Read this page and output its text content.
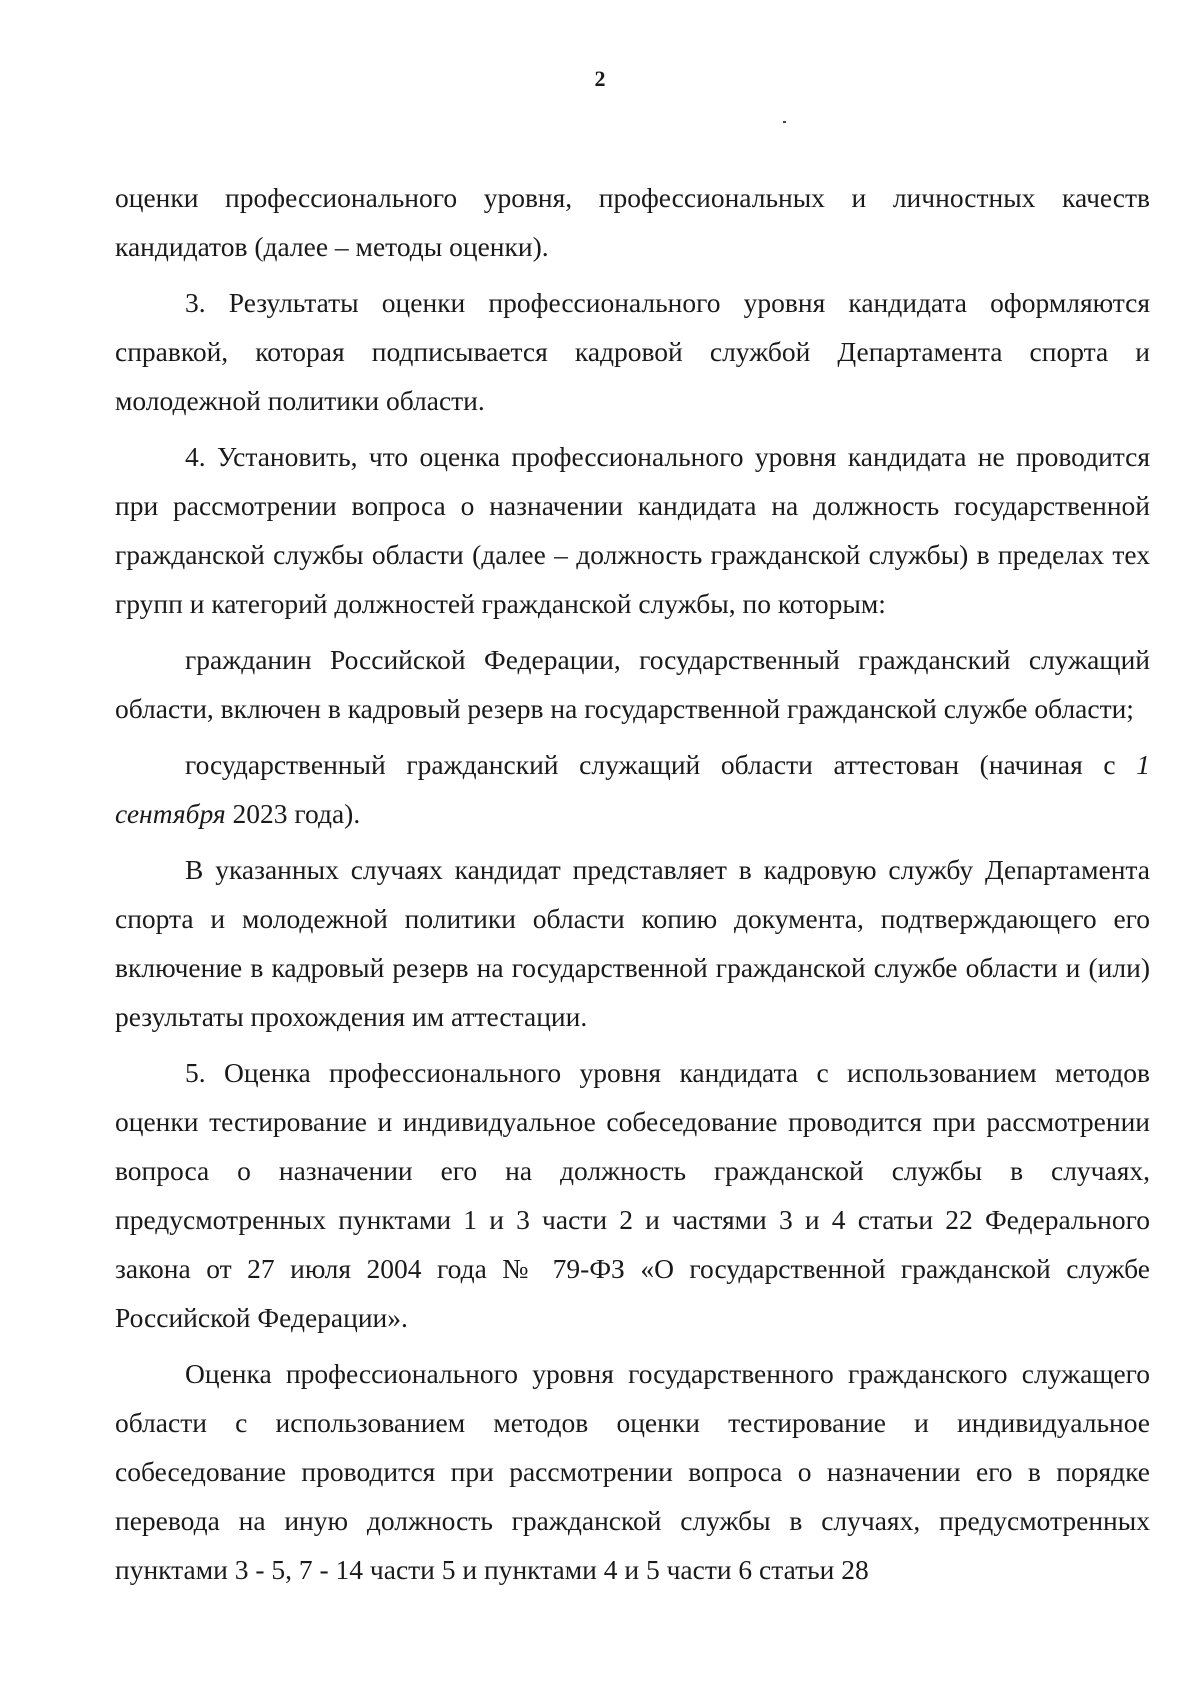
2

оценки профессионального уровня, профессиональных и личностных качеств кандидатов (далее – методы оценки).

3. Результаты оценки профессионального уровня кандидата оформляются справкой, которая подписывается кадровой службой Департамента спорта и молодежной политики области.

4. Установить, что оценка профессионального уровня кандидата не проводится при рассмотрении вопроса о назначении кандидата на должность государственной гражданской службы области (далее – должность гражданской службы) в пределах тех групп и категорий должностей гражданской службы, по которым:

гражданин Российской Федерации, государственный гражданский служащий области, включен в кадровый резерв на государственной гражданской службе области;

государственный гражданский служащий области аттестован (начиная с 1 сентября 2023 года).

В указанных случаях кандидат представляет в кадровую службу Департамента спорта и молодежной политики области копию документа, подтверждающего его включение в кадровый резерв на государственной гражданской службе области и (или) результаты прохождения им аттестации.

5. Оценка профессионального уровня кандидата с использованием методов оценки тестирование и индивидуальное собеседование проводится при рассмотрении вопроса о назначении его на должность гражданской службы в случаях, предусмотренных пунктами 1 и 3 части 2 и частями 3 и 4 статьи 22 Федерального закона от 27 июля 2004 года № 79-ФЗ «О государственной гражданской службе Российской Федерации».

Оценка профессионального уровня государственного гражданского служащего области с использованием методов оценки тестирование и индивидуальное собеседование проводится при рассмотрении вопроса о назначении его в порядке перевода на иную должность гражданской службы в случаях, предусмотренных пунктами 3 - 5, 7 - 14 части 5 и пунктами 4 и 5 части 6 статьи 28
